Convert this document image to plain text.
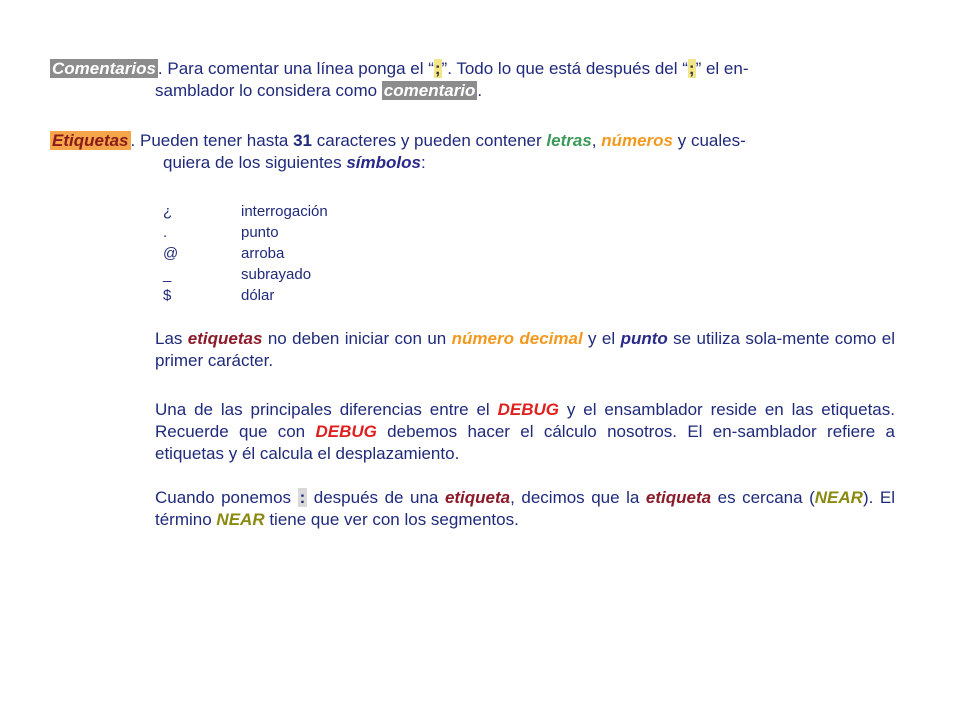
Comentarios . Para comentar una línea ponga el “;”. Todo lo que está después del “;” el en-
samblador lo considera como comentario .
Etiquetas . Pueden tener hasta 31 caracteres y pueden contener letras, números y cuales-
quiera de los siguientes símbolos:
¿	interrogación
.	punto
@	arroba
_	subrayado
$	dólar
Las etiquetas no deben iniciar con un número decimal y el punto se utiliza sola-mente como el primer carácter.
Una de las principales diferencias entre el DEBUG y el ensamblador reside en las etiquetas. Recuerde que con DEBUG debemos hacer el cálculo nosotros. El en-samblador refiere a etiquetas y él calcula el desplazamiento.
Cuando ponemos : después de una etiqueta, decimos que la etiqueta es cercana (NEAR). El término NEAR tiene que ver con los segmentos.
